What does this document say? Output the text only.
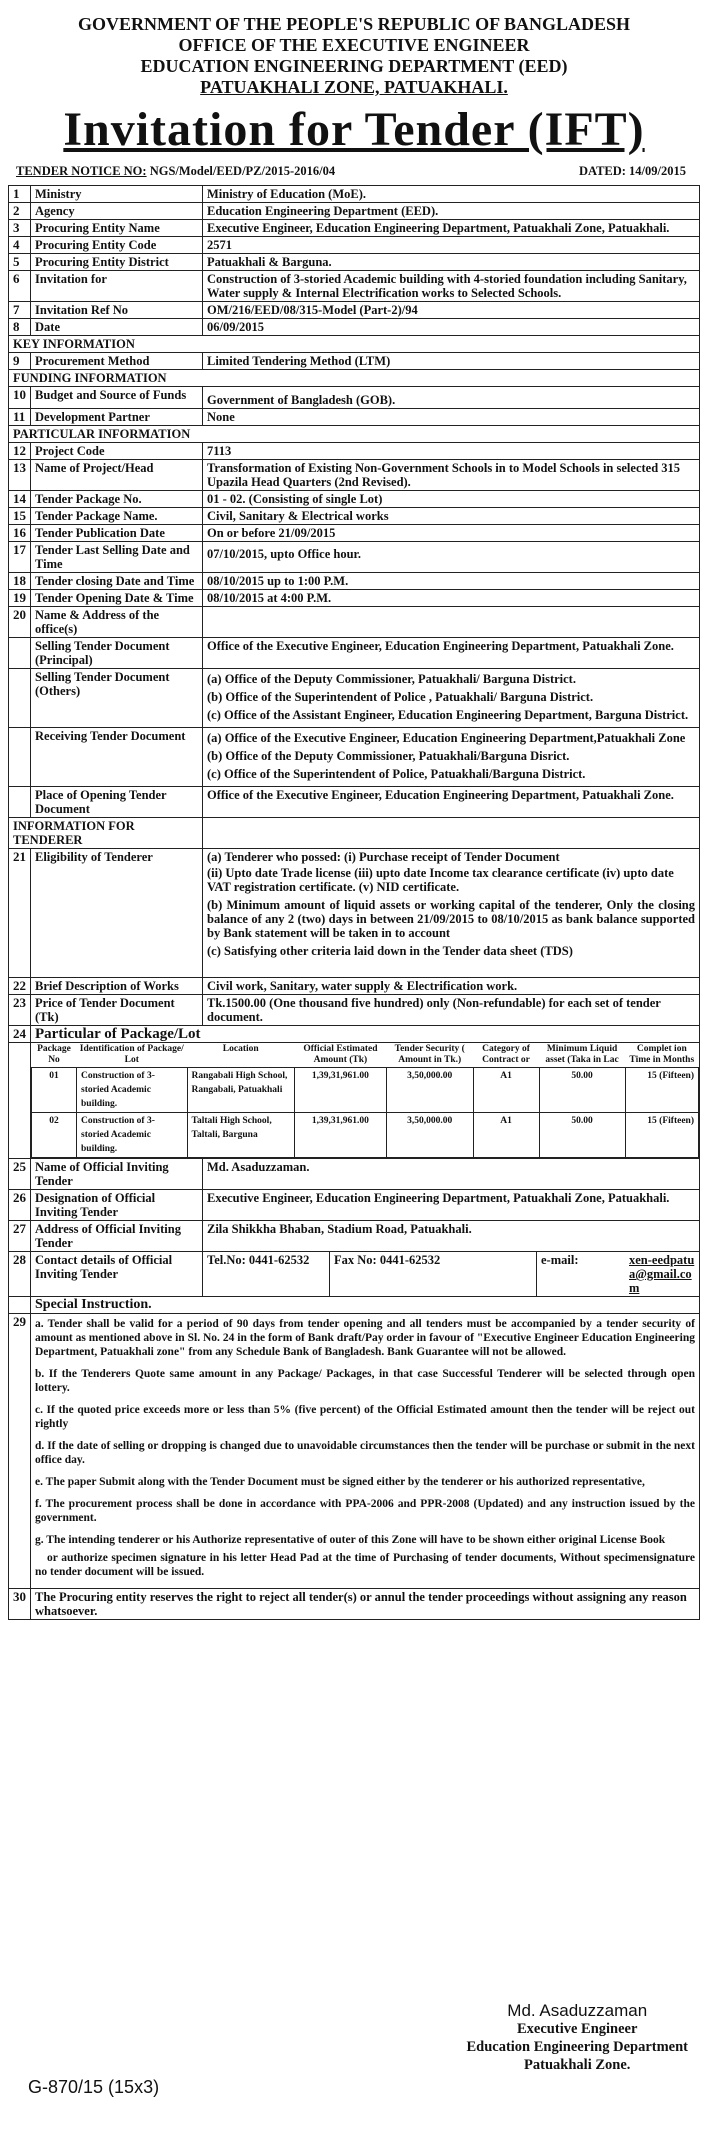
GOVERNMENT OF THE PEOPLE'S REPUBLIC OF BANGLADESH
OFFICE OF THE EXECUTIVE ENGINEER
EDUCATION ENGINEERING DEPARTMENT (EED)
PATUAKHALI ZONE, PATUAKHALI.
Invitation for Tender (IFT)
TENDER NOTICE NO: NGS/Model/EED/PZ/2015-2016/04	DATED: 14/09/2015
1	Ministry	Ministry of Education (MoE).
2	Agency	Education Engineering Department (EED).
3	Procuring Entity Name	Executive Engineer, Education Engineering Department, Patuakhali Zone, Patuakhali.
4	Procuring Entity Code	2571
5	Procuring Entity District	Patuakhali & Barguna.
6	Invitation for	Construction of 3-storied Academic building with 4-storied foundation including Sanitary, Water supply & Internal Electrification works to Selected Schools.
7	Invitation Ref No	OM/216/EED/08/315-Model (Part-2)/94
8	Date	06/09/2015
KEY INFORMATION
9	Procurement Method	Limited Tendering Method (LTM)
FUNDING INFORMATION
10	Budget and Source of Funds	Government of Bangladesh (GOB).
11	Development Partner	None
PARTICULAR INFORMATION
12	Project Code	7113
13	Name of Project/Head	Transformation of Existing Non-Government Schools in to Model Schools in selected 315 Upazila Head Quarters (2nd Revised).
14	Tender Package No.	01 - 02. (Consisting of single Lot)
15	Tender Package Name.	Civil, Sanitary & Electrical works
16	Tender Publication Date	On or before 21/09/2015
17	Tender Last Selling Date and Time	07/10/2015, upto Office hour.
18	Tender closing Date and Time	08/10/2015 up to 1:00 P.M.
19	Tender Opening Date & Time	08/10/2015 at 4:00 P.M.
20	Name & Address of the office(s)	
	Selling Tender Document (Principal)	Office of the Executive Engineer, Education Engineering Department, Patuakhali Zone.
	Selling Tender Document (Others)	
(a) Office of the Deputy Commissioner, Patuakhali/ Barguna District.
(b) Office of the Superintendent of Police , Patuakhali/ Barguna District.
(c) Office of the Assistant Engineer, Education Engineering Department, Barguna District.

	Receiving Tender Document	(a) Office of the Executive Engineer, Education Engineering Department,Patuakhali Zone
(b) Office of the Deputy Commissioner, Patuakhali/Barguna Disrict.
(c) Office of the Superintendent of Police, Patuakhali/Barguna District.

	Place of Opening Tender Document	Office of the Executive Engineer, Education Engineering Department, Patuakhali Zone.
INFORMATION FOR TENDERER	
21	Eligibility of Tenderer	(a) Tenderer who possed: (i) Purchase receipt of Tender Document
(ii) Upto date Trade license (iii) upto date Income tax clearance certificate (iv) upto date VAT registration certificate. (v) NID certificate.
(b) Minimum amount of liquid assets or working capital of the tenderer, Only the closing balance of any 2 (two) days in between 21/09/2015 to 08/10/2015 as bank balance supported by Bank statement will be taken in to account
(c) Satisfying other criteria laid down in the Tender data sheet (TDS)

22	Brief Description of Works	Civil work, Sanitary, water supply & Electrification work.
23	Price of Tender Document (Tk)	Tk.1500.00 (One thousand five hundred) only (Non-refundable) for each set of tender document.
24	Particular of Package/Lot

Package No	Identification of Package/ Lot	Location	Official Estimated Amount (Tk)	Tender Security ( Amount in Tk.)	Category of Contract or	Minimum Liquid asset (Taka in Lac	Complet ion Time in Months
01	Construction of 3-storied Academic building.	Rangabali High School, Rangabali, Patuakhali	1,39,31,961.00	3,50,000.00	A1	50.00	15 (Fifteen)
02	Construction of 3-storied Academic building.	Taltali High School, Taltali, Barguna	1,39,31,961.00	3,50,000.00	A1	50.00	15 (Fifteen)

25	Name of Official Inviting Tender	Md. Asaduzzaman.
26	Designation of Official Inviting Tender	Executive Engineer, Education Engineering Department, Patuakhali Zone, Patuakhali.
27	Address of Official Inviting Tender	Zila Shikkha Bhaban, Stadium Road, Patuakhali.
28	Contact details of Official Inviting Tender	
Tel.No: 0441-62532	Fax No: 0441-62532	e-mail:	xen-eedpatua@gmail.com

	Special Instruction.
29	a. Tender shall be valid for a period of 90 days from tender opening and all tenders must be accompanied by a tender security of amount as mentioned above in Sl. No. 24 in the form of Bank draft/Pay order in favour of "Executive Engineer Education Engineering Department, Patuakhali zone" from any Schedule Bank of Bangladesh. Bank Guarantee will not be allowed.

b. If the Tenderers Quote same amount in any Package/ Packages, in that case Successful Tenderer will be selected through open lottery.

c. If the quoted price exceeds more or less than 5% (five percent) of the Official Estimated amount then the tender will be reject out rightly

d. If the date of selling or dropping is changed due to unavoidable circumstances then the tender will be purchase or submit in the next office day.

e. The paper Submit along with the Tender Document must be signed either by the tenderer or his authorized representative,

f. The procurement process shall be done in accordance with PPA-2006 and PPR-2008 (Updated) and any instruction issued by the government.

g. The intending tenderer or his Authorize representative of outer of this Zone will have to be shown either original License Book

or authorize specimen signature in his letter Head Pad at the time of Purchasing of tender documents, Without specimensignature no tender document will be issued.

30	The Procuring entity reserves the right to reject all tender(s) or annul the tender proceedings without assigning any reason whatsoever.
Md. Asaduzzaman
Executive Engineer
Education Engineering Department
Patuakhali Zone.
G-870/15 (15x3)
